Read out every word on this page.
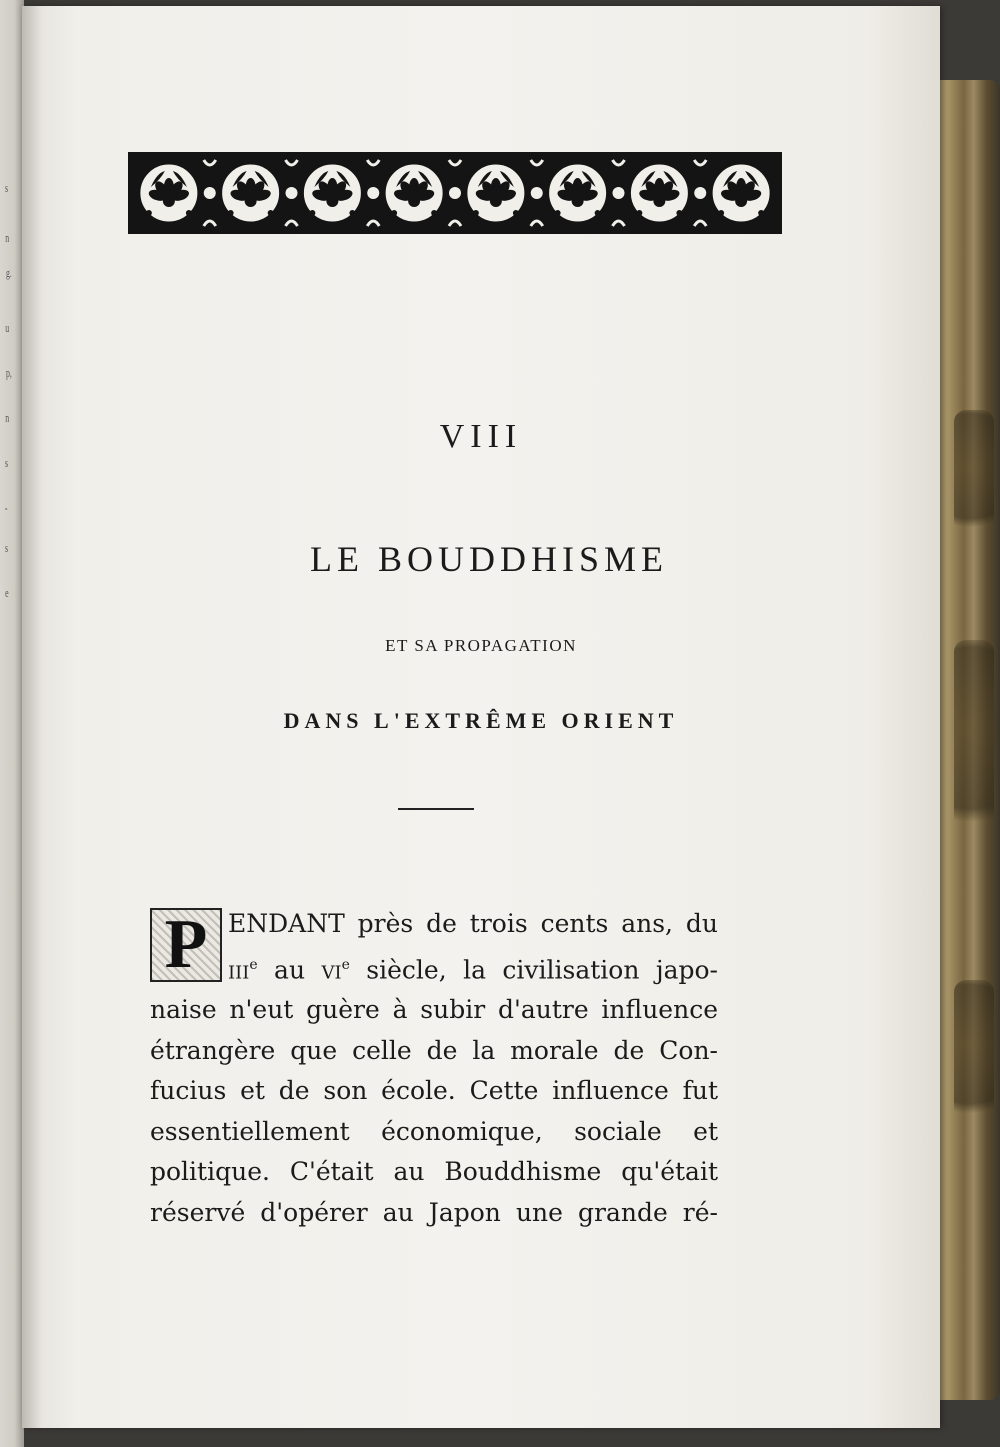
s
n
g.
u
p,
n
s
-
s
e
VIII
LE BOUDDHISME
ET SA PROPAGATION
DANS L'EXTRÊME ORIENT
P ENDANT près de trois cents ans, du
iii$^e$ au $vi^e$ siècle, la civilisation japo-
naise n'eut guère à subir d'autre influence
étrangère que celle de la morale de Con-
fucius et de son école. Cette influence fut
essentiellement économique, sociale et
politique. C'était au Bouddhisme qu'était
réservé d'opérer au Japon une grande ré-
